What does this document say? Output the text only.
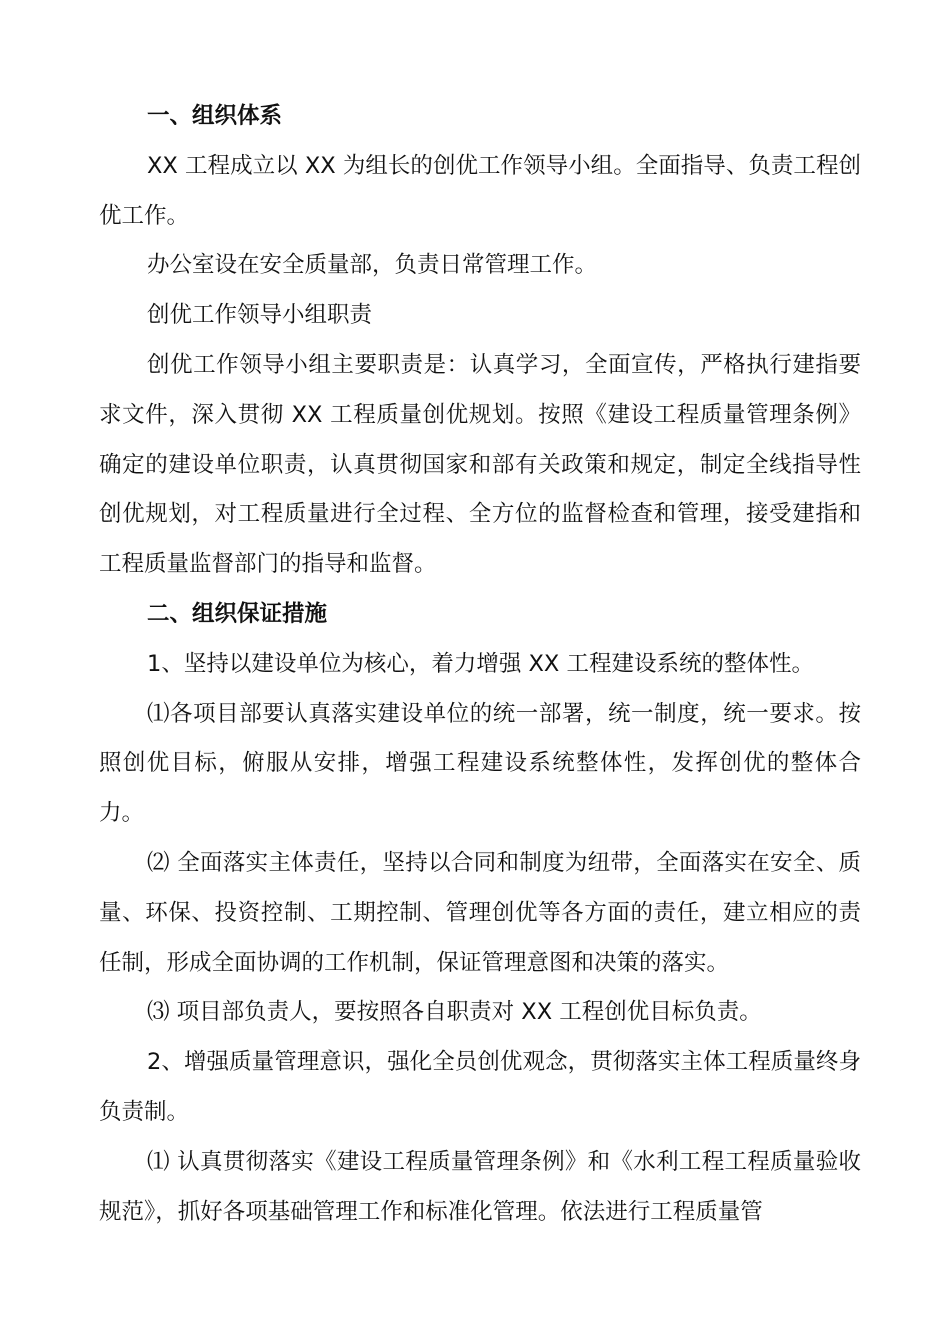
一、组织体系

XX 工程成立以 XX 为组长的创优工作领导小组。全面指导、负责工程创优工作。

办公室设在安全质量部，负责日常管理工作。

创优工作领导小组职责

创优工作领导小组主要职责是：认真学习，全面宣传，严格执行建指要求文件，深入贯彻 XX 工程质量创优规划。按照《建设工程质量管理条例》确定的建设单位职责，认真贯彻国家和部有关政策和规定，制定全线指导性创优规划，对工程质量进行全过程、全方位的监督检查和管理，接受建指和工程质量监督部门的指导和监督。

二、组织保证措施

1、坚持以建设单位为核心，着力增强 XX 工程建设系统的整体性。

⑴各项目部要认真落实建设单位的统一部署，统一制度，统一要求。按照创优目标，俯服从安排，增强工程建设系统整体性，发挥创优的整体合力。

⑵ 全面落实主体责任，坚持以合同和制度为纽带，全面落实在安全、质量、环保、投资控制、工期控制、管理创优等各方面的责任，建立相应的责任制，形成全面协调的工作机制，保证管理意图和决策的落实。

⑶ 项目部负责人，要按照各自职责对 XX 工程创优目标负责。

2、增强质量管理意识，强化全员创优观念，贯彻落实主体工程质量终身负责制。

⑴ 认真贯彻落实《建设工程质量管理条例》和《水利工程工程质量验收规范》，抓好各项基础管理工作和标准化管理。依法进行工程质量管
